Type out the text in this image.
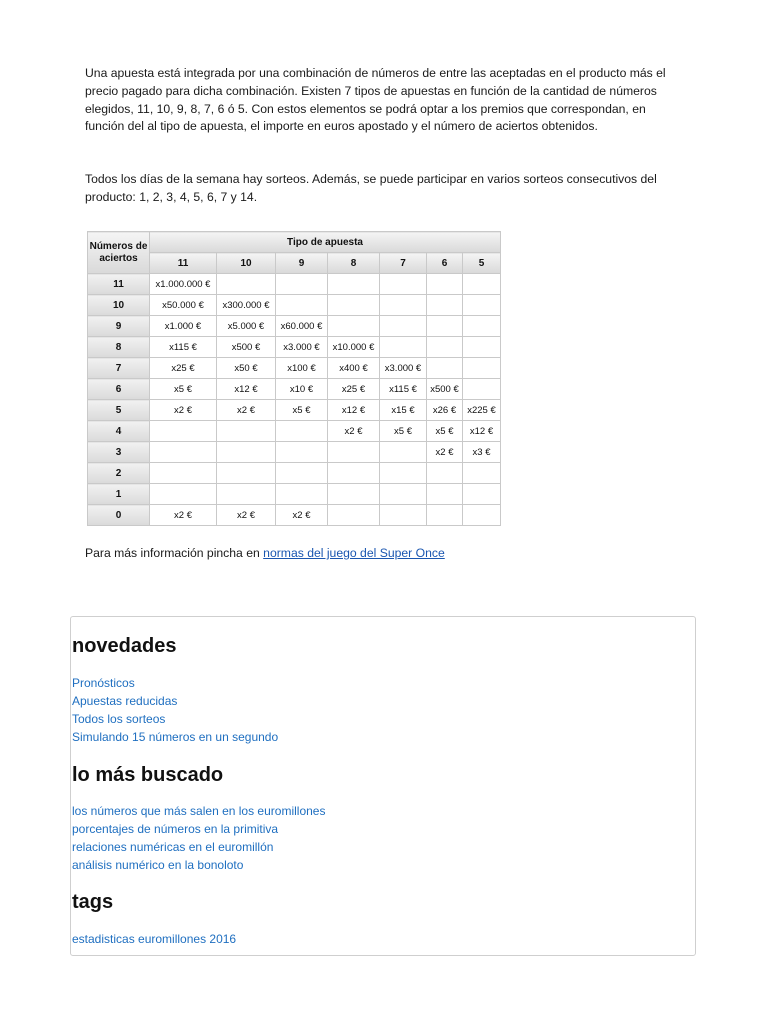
Una apuesta está integrada por una combinación de números de entre las aceptadas en el producto más el precio pagado para dicha combinación. Existen 7 tipos de apuestas en función de la cantidad de números elegidos, 11, 10, 9, 8, 7, 6 ó 5. Con estos elementos se podrá optar a los premios que correspondan, en función del al tipo de apuesta, el importe en euros apostado y el número de aciertos obtenidos.
Todos los días de la semana hay sorteos. Además, se puede participar en varios sorteos consecutivos del producto: 1, 2, 3, 4, 5, 6, 7 y 14.
Números de aciertos	Tipo de apuesta						
	11	10	9	8	7	6	5
11	x1.000.000 €						
10	x50.000 €	x300.000 €					
9	x1.000 €	x5.000 €	x60.000 €				
8	x115 €	x500 €	x3.000 €	x10.000 €			
7	x25 €	x50 €	x100 €	x400 €	x3.000 €		
6	x5 €	x12 €	x10 €	x25 €	x115 €	x500 €	
5	x2 €	x2 €	x5 €	x12 €	x15 €	x26 €	x225 €
4				x2 €	x5 €	x5 €	x12 €
3						x2 €	x3 €
2							
1							
0	x2 €	x2 €	x2 €				
Para más información pincha en normas del juego del Super Once
novedades
Pronósticos
Apuestas reducidas
Todos los sorteos
Simulando 15 números en un segundo
lo más buscado
los números que más salen en los euromillones
porcentajes de números en la primitiva
relaciones numéricas en el euromillón
análisis numérico en la bonoloto
tags
estadisticas euromillones 2016
